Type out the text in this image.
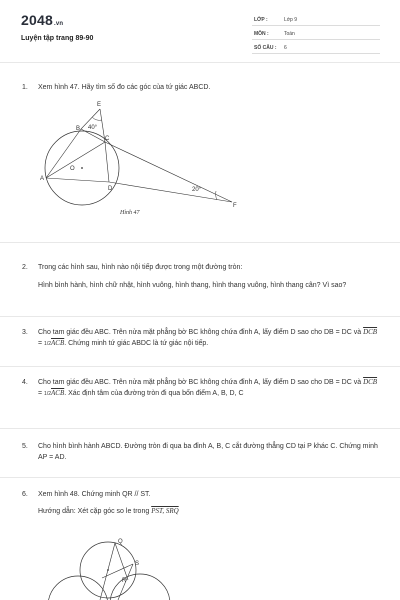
2048.vn
Luyện tập trang 89-90
LỚP :	Lớp 9
MÔN :	Toán
SỐ CÂU : 6
1. Xem hình 47. Hãy tìm số đo các góc của tứ giác ABCD.

E
B 40°
C
A
D
O
20°
F
Hình 47
2. Trong các hình sau, hình nào nội tiếp được trong một đường tròn:

Hình bình hành, hình chữ nhật, hình vuông, hình thang, hình thang vuông, hình thang cân? Vì sao?

3. Cho tam giác đều ABC. Trên nửa mặt phẳng bờ BC không chứa đỉnh A, lấy điểm D sao cho DB = DC và $\overline{DCB} = 1/2\overline{ACB}$. Chứng minh tứ giác ABDC là tứ giác nội tiếp.

4. Cho tam giác đều ABC. Trên nửa mặt phẳng bờ BC không chứa đỉnh A, lấy điểm D sao cho DB = DC và $\overline{DCB} = 1/2\overline{ACB}$. Xác định tâm của đường tròn đi qua bốn điểm A, B, D, C

5. Cho hình bình hành ABCD. Đường tròn đi qua ba đỉnh A, B, C cắt đường thẳng CD tại P khác C. Chứng minh AP = AD.

6. Xem hình 48. Chứng minh QR // ST.

Hướng dẫn: Xét cặp góc so le trong PST, SRQ

Q
S
R
